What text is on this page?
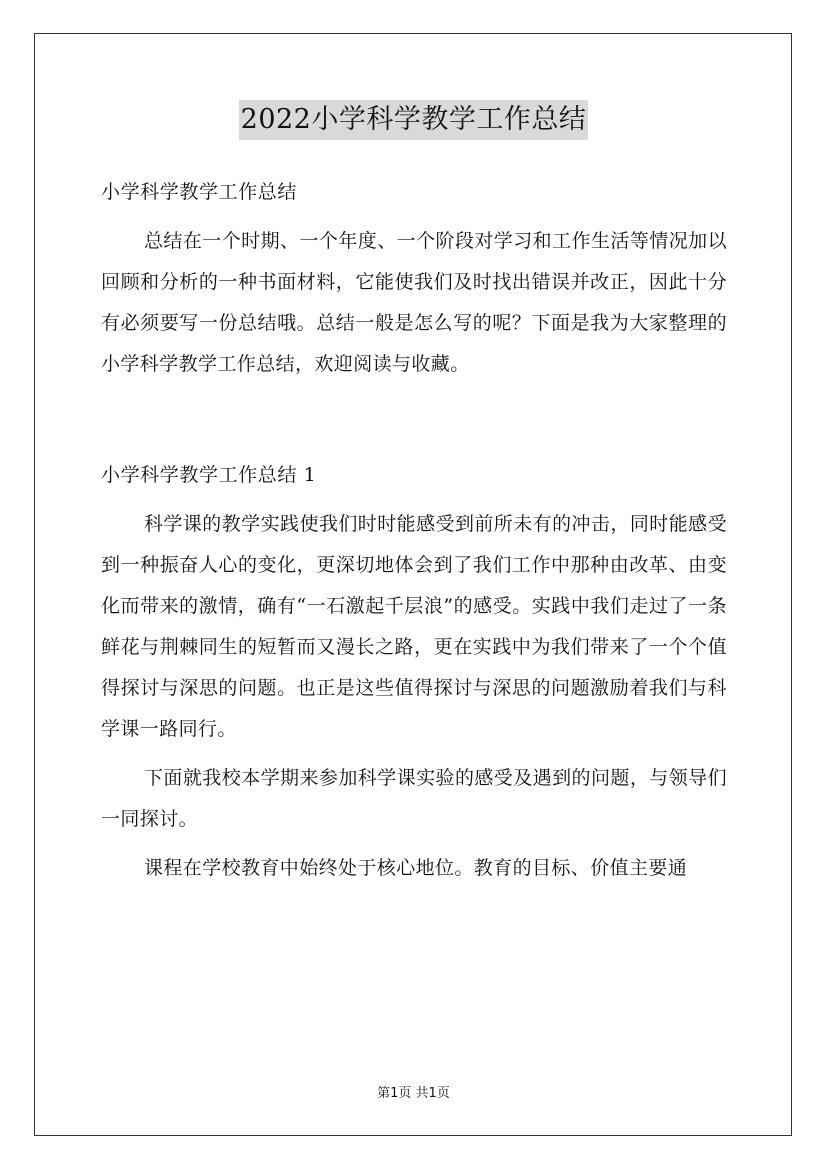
2022小学科学教学工作总结

小学科学教学工作总结

总结在一个时期、一个年度、一个阶段对学习和工作生活等情况加以回顾和分析的一种书面材料，它能使我们及时找出错误并改正，因此十分有必须要写一份总结哦。总结一般是怎么写的呢？下面是我为大家整理的小学科学教学工作总结，欢迎阅读与收藏。

小学科学教学工作总结 1

科学课的教学实践使我们时时能感受到前所未有的冲击，同时能感受到一种振奋人心的变化，更深切地体会到了我们工作中那种由改革、由变化而带来的激情，确有“一石激起千层浪”的感受。实践中我们走过了一条鲜花与荆棘同生的短暂而又漫长之路，更在实践中为我们带来了一个个值得探讨与深思的问题。也正是这些值得探讨与深思的问题激励着我们与科学课一路同行。

下面就我校本学期来参加科学课实验的感受及遇到的问题，与领导们一同探讨。

课程在学校教育中始终处于核心地位。教育的目标、价值主要通

第1页 共1页
